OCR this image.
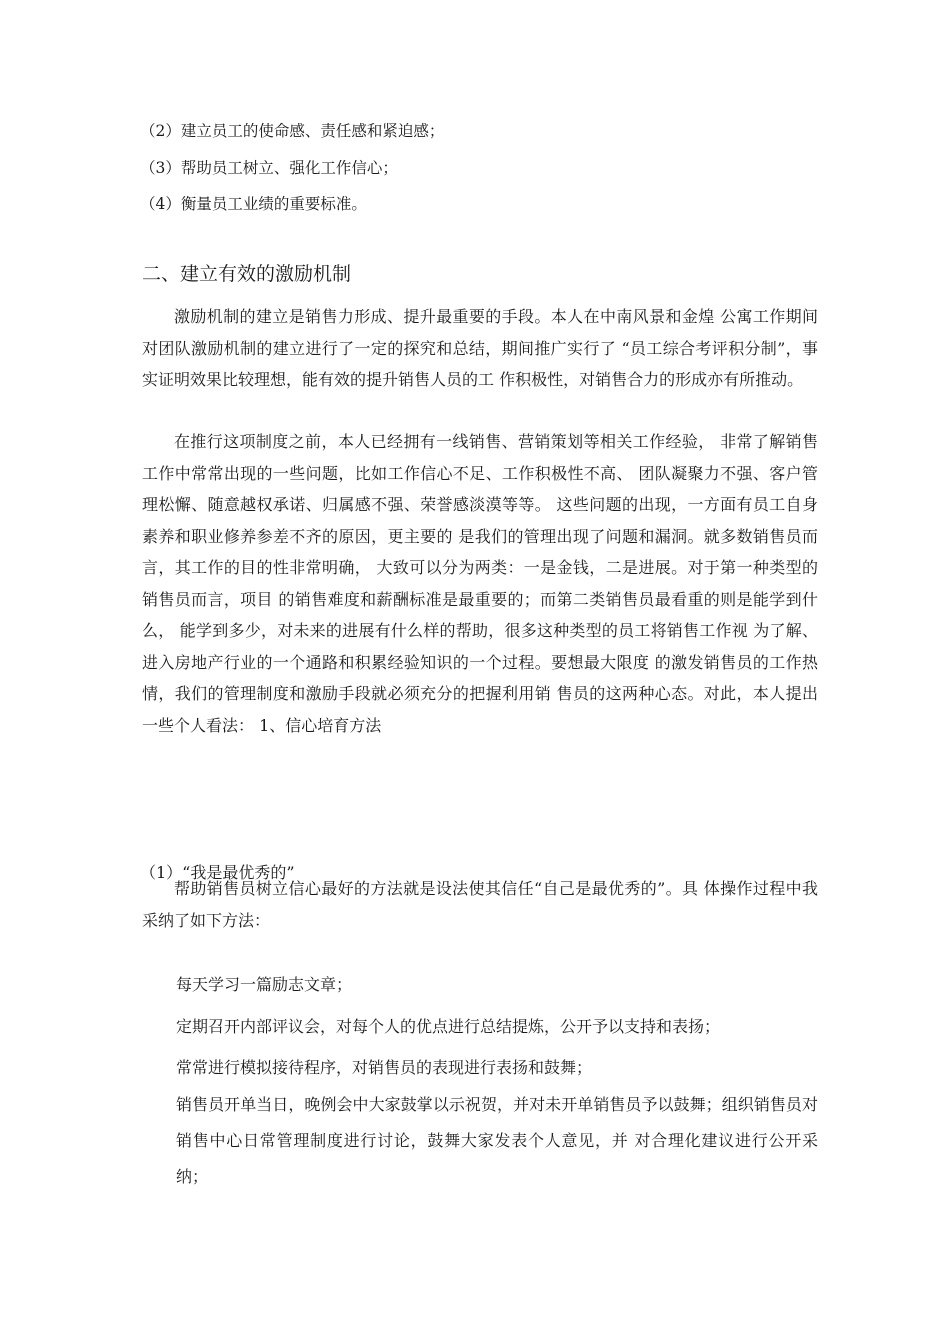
（2）建立员工的使命感、责任感和紧迫感；
（3）帮助员工树立、强化工作信心；
（4）衡量员工业绩的重要标准。
二、建立有效的激励机制
激励机制的建立是销售力形成、提升最重要的手段。本人在中南风景和金煌 公寓工作期间对团队激励机制的建立进行了一定的探究和总结，期间推广实行了 “员工综合考评积分制”，事实证明效果比较理想，能有效的提升销售人员的工 作积极性，对销售合力的形成亦有所推动。
在推行这项制度之前，本人已经拥有一线销售、营销策划等相关工作经验， 非常了解销售工作中常常出现的一些问题，比如工作信心不足、工作积极性不高、 团队凝聚力不强、客户管理松懈、随意越权承诺、归属感不强、荣誉感淡漠等等。 这些问题的出现，一方面有员工自身素养和职业修养参差不齐的原因，更主要的 是我们的管理出现了问题和漏洞。就多数销售员而言，其工作的目的性非常明确， 大致可以分为两类：一是金钱，二是进展。对于第一种类型的销售员而言，项目 的销售难度和薪酬标准是最重要的；而第二类销售员最看重的则是能学到什么， 能学到多少，对未来的进展有什么样的帮助，很多这种类型的员工将销售工作视 为了解、进入房地产行业的一个通路和积累经验知识的一个过程。要想最大限度 的激发销售员的工作热情，我们的管理制度和激励手段就必须充分的把握利用销 售员的这两种心态。对此，本人提出一些个人看法： 1、信心培育方法
（1）“我是最优秀的”
帮助销售员树立信心最好的方法就是设法使其信任“自己是最优秀的”。具 体操作过程中我采纳了如下方法：
每天学习一篇励志文章；
定期召开内部评议会，对每个人的优点进行总结提炼，公开予以支持和表扬；
常常进行模拟接待程序，对销售员的表现进行表扬和鼓舞；
销售员开单当日，晚例会中大家鼓掌以示祝贺，并对未开单销售员予以鼓舞；组织销售员对销售中心日常管理制度进行讨论，鼓舞大家发表个人意见，并 对合理化建议进行公开采纳；
